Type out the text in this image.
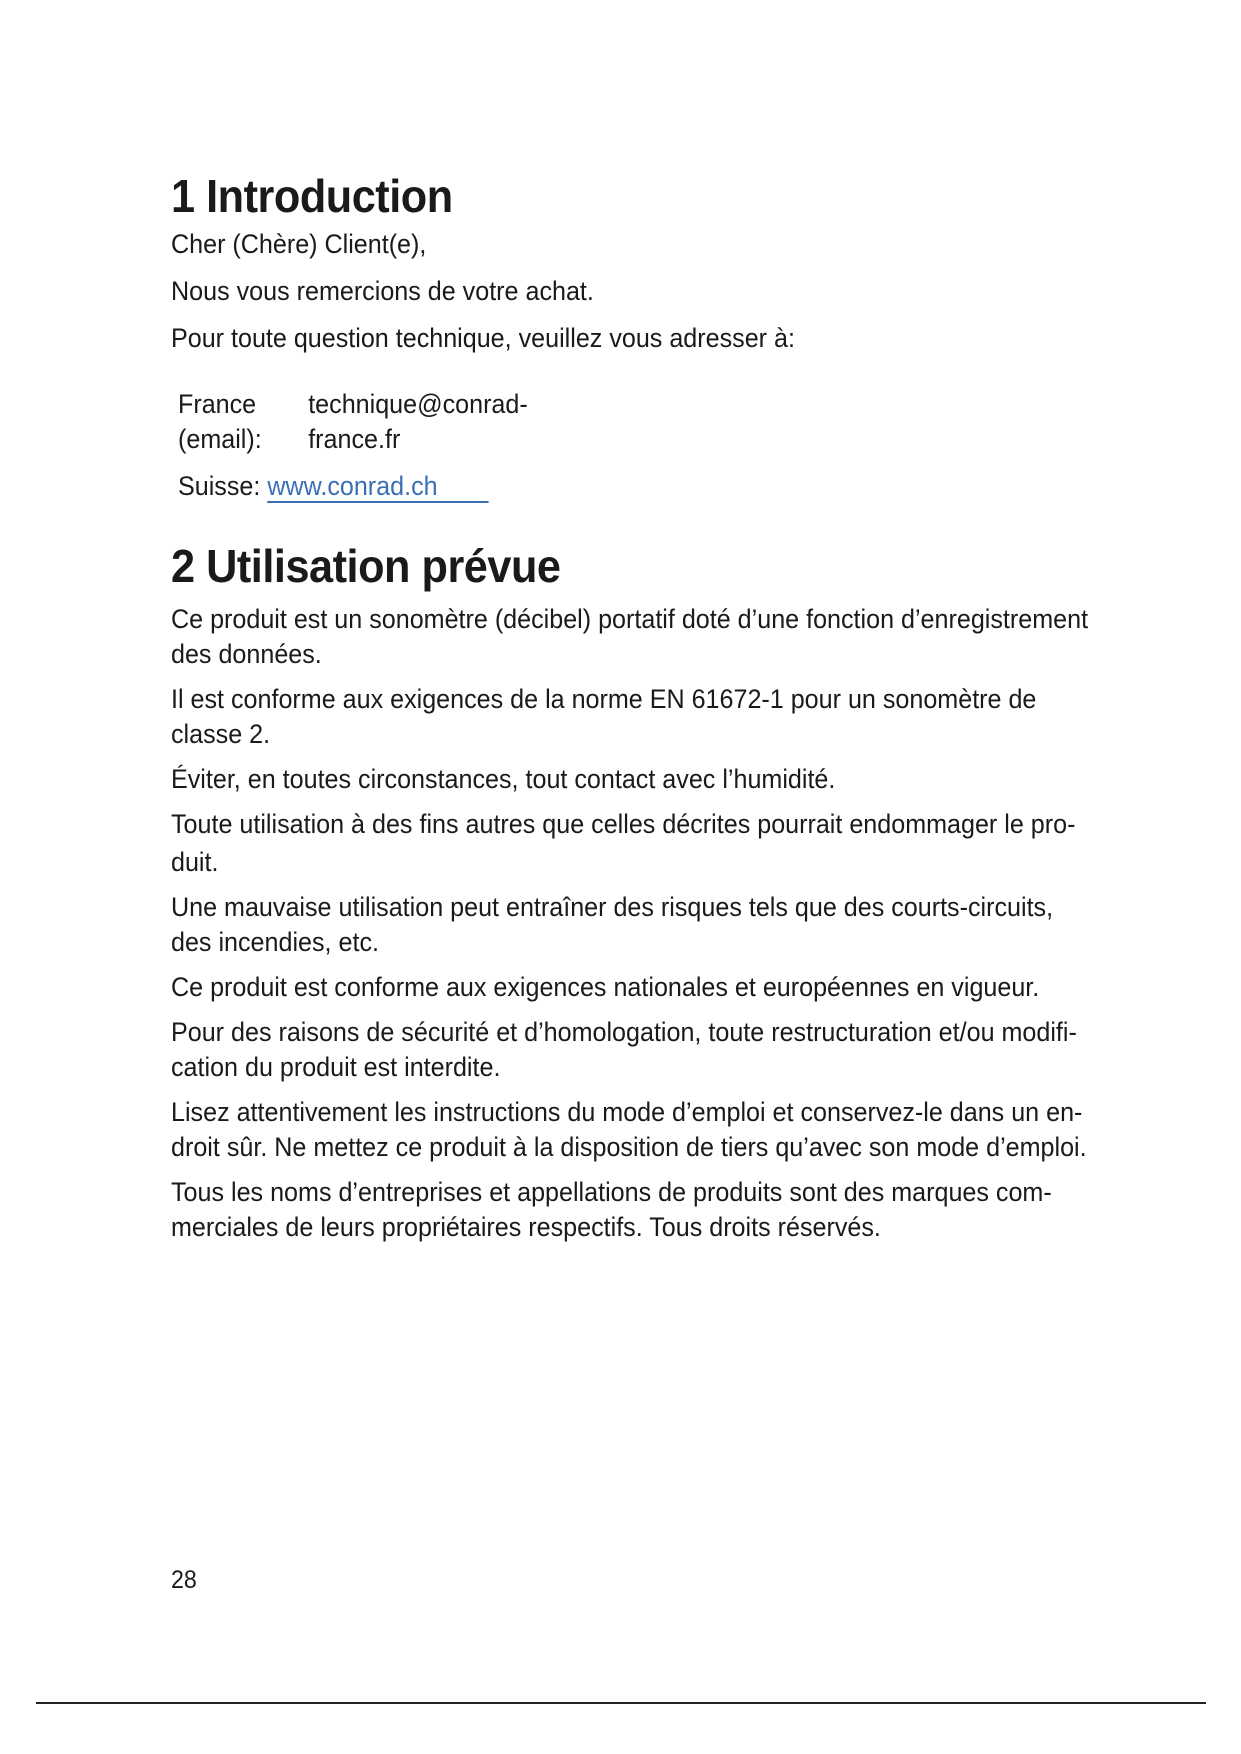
1 Introduction

Cher (Chère) Client(e),

Nous vous remercions de votre achat.

Pour toute question technique, veuillez vous adresser à:

France
(email):
technique@conrad-
france.fr
Suisse: www.conrad.ch
2 Utilisation prévue

Ce produit est un sonomètre (décibel) portatif doté d’une fonction d’enregistrement

des données.

Il est conforme aux exigences de la norme EN 61672-1 pour un sonomètre de

classe 2.

Éviter, en toutes circonstances, tout contact avec l’humidité.

Toute utilisation à des fins autres que celles décrites pourrait endommager le pro-

duit.

Une mauvaise utilisation peut entraîner des risques tels que des courts-circuits,

des incendies, etc.

Ce produit est conforme aux exigences nationales et européennes en vigueur.

Pour des raisons de sécurité et d’homologation, toute restructuration et/ou modifi-

cation du produit est interdite.

Lisez attentivement les instructions du mode d’emploi et conservez-le dans un en-

droit sûr. Ne mettez ce produit à la disposition de tiers qu’avec son mode d’emploi.

Tous les noms d’entreprises et appellations de produits sont des marques com-

merciales de leurs propriétaires respectifs. Tous droits réservés.

28
